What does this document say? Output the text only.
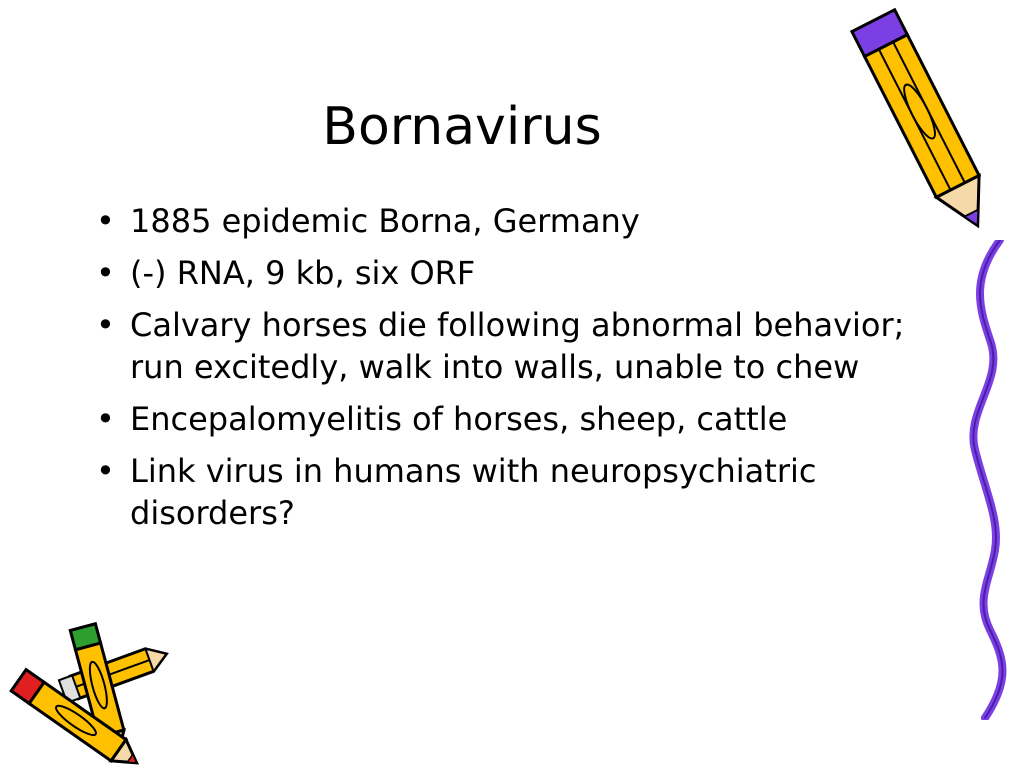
Bornavirus
• 1885 epidemic Borna, Germany
• (-) RNA, 9 kb, six ORF
• Calvary horses die following abnormal behavior; run excitedly, walk into walls, unable to chew
• Encepalomyelitis of horses, sheep, cattle
• Link virus in humans with neuropsychiatric disorders?
